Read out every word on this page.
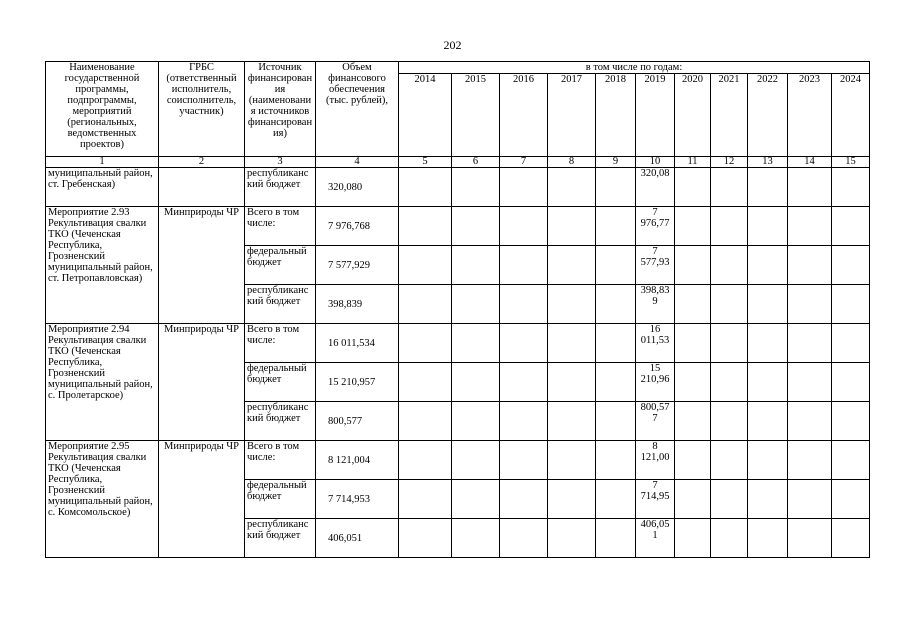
202
Наименование государственной программы, подпрограммы, мероприятий (региональных, ведомственных проектов)	ГРБС (ответственный исполнитель, соисполнитель, участник)	Источник финансирования (наименования источников финансирования)	Объем финансового обеспечения (тыс. рублей),	в том числе по годам:										
				2014	2015	2016	2017	2018	2019	2020	2021	2022	2023	2024
1	2	3	4	5	6	7	8	9	10	11	12	13	14	15
муниципальный район, ст. Гребенская)		республиканский бюджет	320,080						320,08					
Мероприятие 2.93 Рекультивация свалки ТКО (Чеченская Республика, Грозненский муниципальный район, ст. Петропавловская)	Минприроды ЧР	Всего в том числе:	7 976,768						7 976,77					
		федеральный бюджет	7 577,929						7 577,93					
		республиканский бюджет	398,839						398,839					
Мероприятие 2.94 Рекультивация свалки ТКО (Чеченская Республика, Грозненский муниципальный район, с. Пролетарское)	Минприроды ЧР	Всего в том числе:	16 011,534						16 011,53					
		федеральный бюджет	15 210,957						15 210,96					
		республиканский бюджет	800,577						800,577					
Мероприятие 2.95 Рекультивация свалки ТКО (Чеченская Республика, Грозненский муниципальный район, с. Комсомольское)	Минприроды ЧР	Всего в том числе:	8 121,004						8 121,00					
		федеральный бюджет	7 714,953						7 714,95					
		республиканский бюджет	406,051						406,051					
